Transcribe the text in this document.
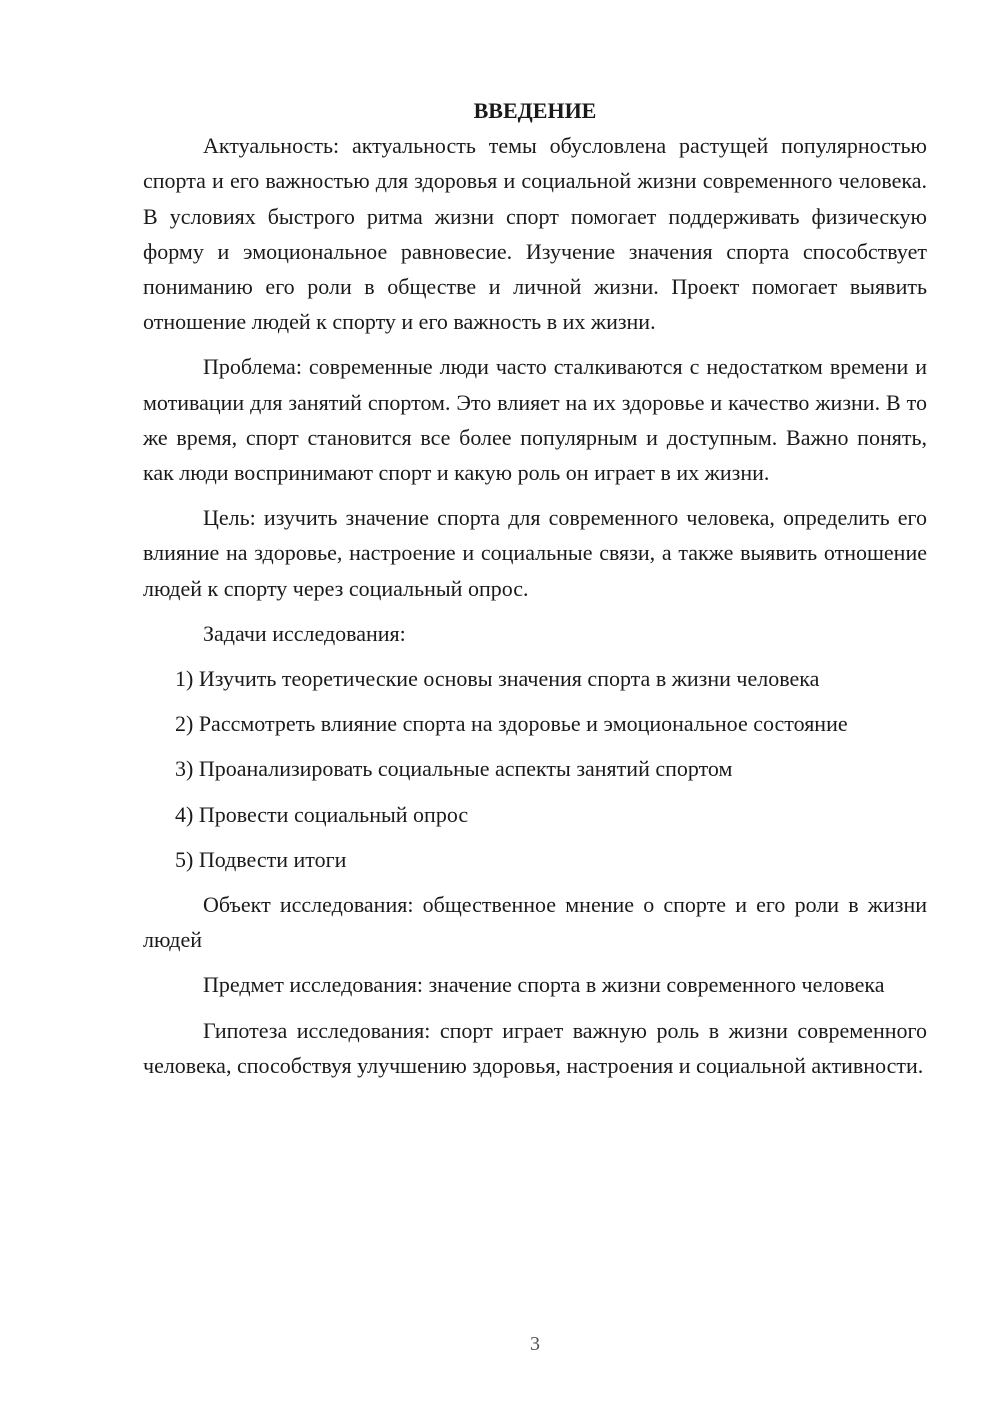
ВВЕДЕНИЕ

Актуальность: актуальность темы обусловлена растущей популярностью спорта и его важностью для здоровья и социальной жизни современного человека. В условиях быстрого ритма жизни спорт помогает поддерживать физическую форму и эмоциональное равновесие. Изучение значения спорта способствует пониманию его роли в обществе и личной жизни. Проект помогает выявить отношение людей к спорту и его важность в их жизни.

Проблема: современные люди часто сталкиваются с недостатком времени и мотивации для занятий спортом. Это влияет на их здоровье и качество жизни. В то же время, спорт становится все более популярным и доступным. Важно понять, как люди воспринимают спорт и какую роль он играет в их жизни.

Цель: изучить значение спорта для современного человека, определить его влияние на здоровье, настроение и социальные связи, а также выявить отношение людей к спорту через социальный опрос.

Задачи исследования:

1) Изучить теоретические основы значения спорта в жизни человека

2) Рассмотреть влияние спорта на здоровье и эмоциональное состояние

3) Проанализировать социальные аспекты занятий спортом

4) Провести социальный опрос

5) Подвести итоги

Объект исследования: общественное мнение о спорте и его роли в жизни людей

Предмет исследования: значение спорта в жизни современного человека

Гипотеза исследования: спорт играет важную роль в жизни современного человека, способствуя улучшению здоровья, настроения и социальной активности.

3
